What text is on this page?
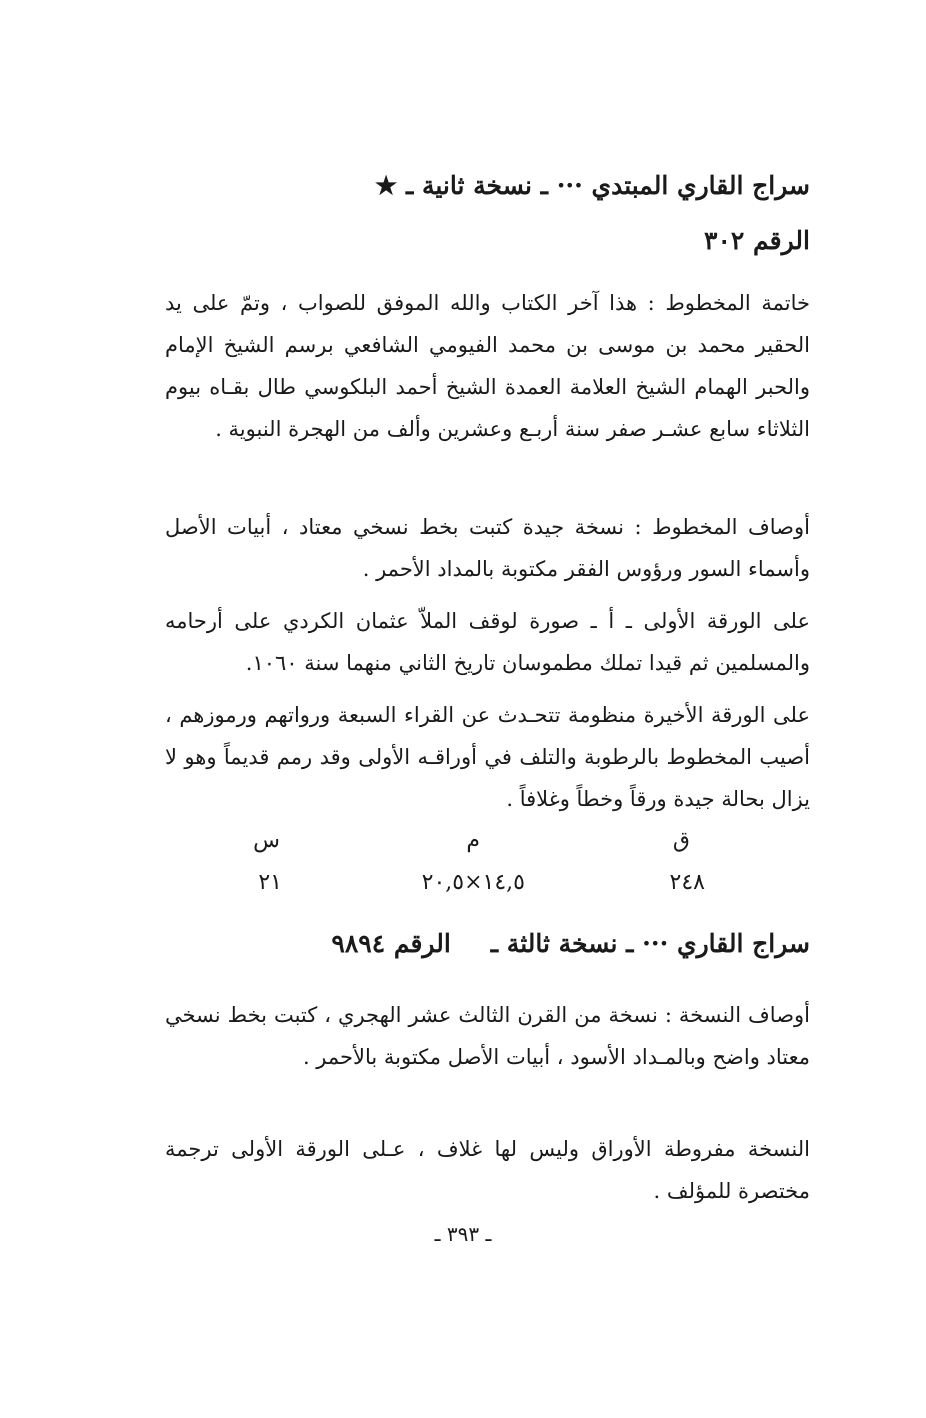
سراج القاري المبتدي ··· ـ نسخة ثانية ـ ★
الرقم ٣٠٢

خاتمة المخطوط : هذا آخر الكتاب والله الموفق للصواب ، وتمّ على يد الحقير محمد بن موسى بن محمد الفيومي الشافعي برسم الشيخ الإمام والحبر الهمام الشيخ العلامة العمدة الشيخ أحمد البلكوسي طال بقـاه بيوم الثلاثاء سابع عشـر صفر سنة أربـع وعشرين وألف من الهجرة النبوية .

أوصاف المخطوط : نسخة جيدة كتبت بخط نسخي معتاد ، أبيات الأصل وأسماء السور ورؤوس الفقر مكتوبة بالمداد الأحمر .

على الورقة الأولى ـ أ ـ صورة لوقف الملاّ عثمان الكردي على أرحامه والمسلمين ثم قيدا تملك مطموسان تاريخ الثاني منهما سنة ١٠٦٠.

على الورقة الأخيرة منظومة تتحـدث عن القراء السبعة ورواتهم ورموزهم ، أصيب المخطوط بالرطوبة والتلف في أوراقـه الأولى وقد رمم قديماً وهو لا يزال بحالة جيدة ورقاً وخطاً وغلافاً .

ق
م
س
٢٤٨
١٤,٥×٢٠,٥
٢١
سراج القاري ··· ـ نسخة ثالثة ـ
الرقم ٩٨٩٤

أوصاف النسخة : نسخة من القرن الثالث عشر الهجري ، كتبت بخط نسخي معتاد واضح وبالمـداد الأسود ، أبيات الأصل مكتوبة بالأحمر .

النسخة مفروطة الأوراق وليس لها غلاف ، عـلى الورقة الأولى ترجمة مختصرة للمؤلف .

ـ ٣٩٣ ـ
